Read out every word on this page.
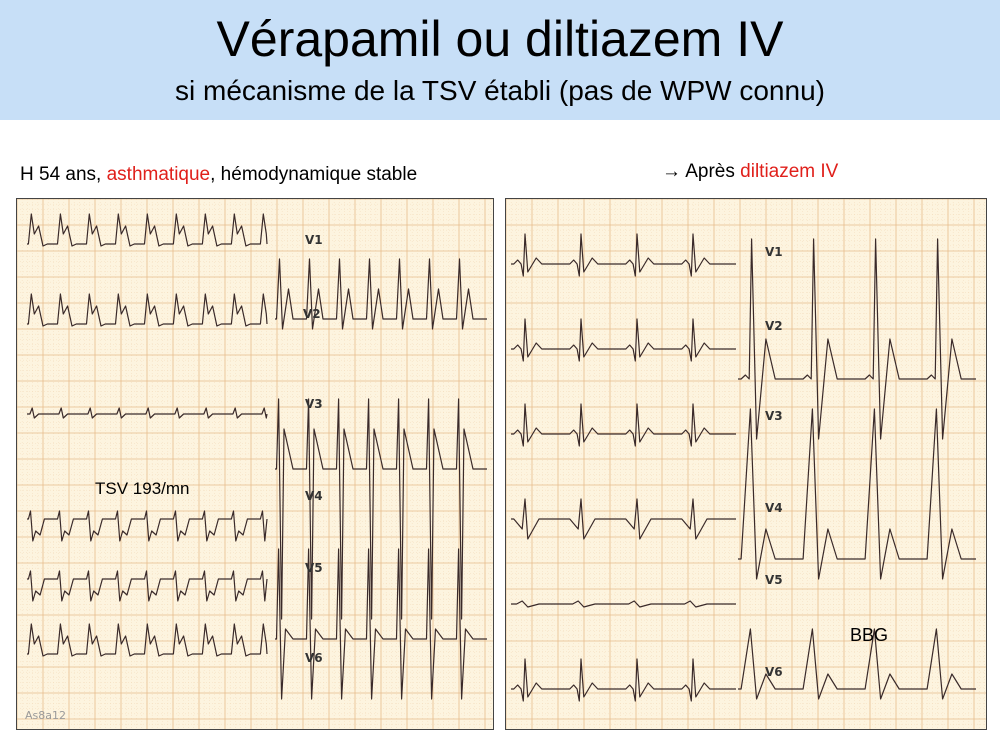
Vérapamil ou diltiazem IV
si mécanisme de la TSV établi (pas de WPW connu)
H 54 ans, asthmatique, hémodynamique stable	→ Après diltiazem IV
V1
V2
V3
V4
V5
V6
TSV 193/mn
As8a12
V1
V2
V3
V4
V5
V6
BBG
